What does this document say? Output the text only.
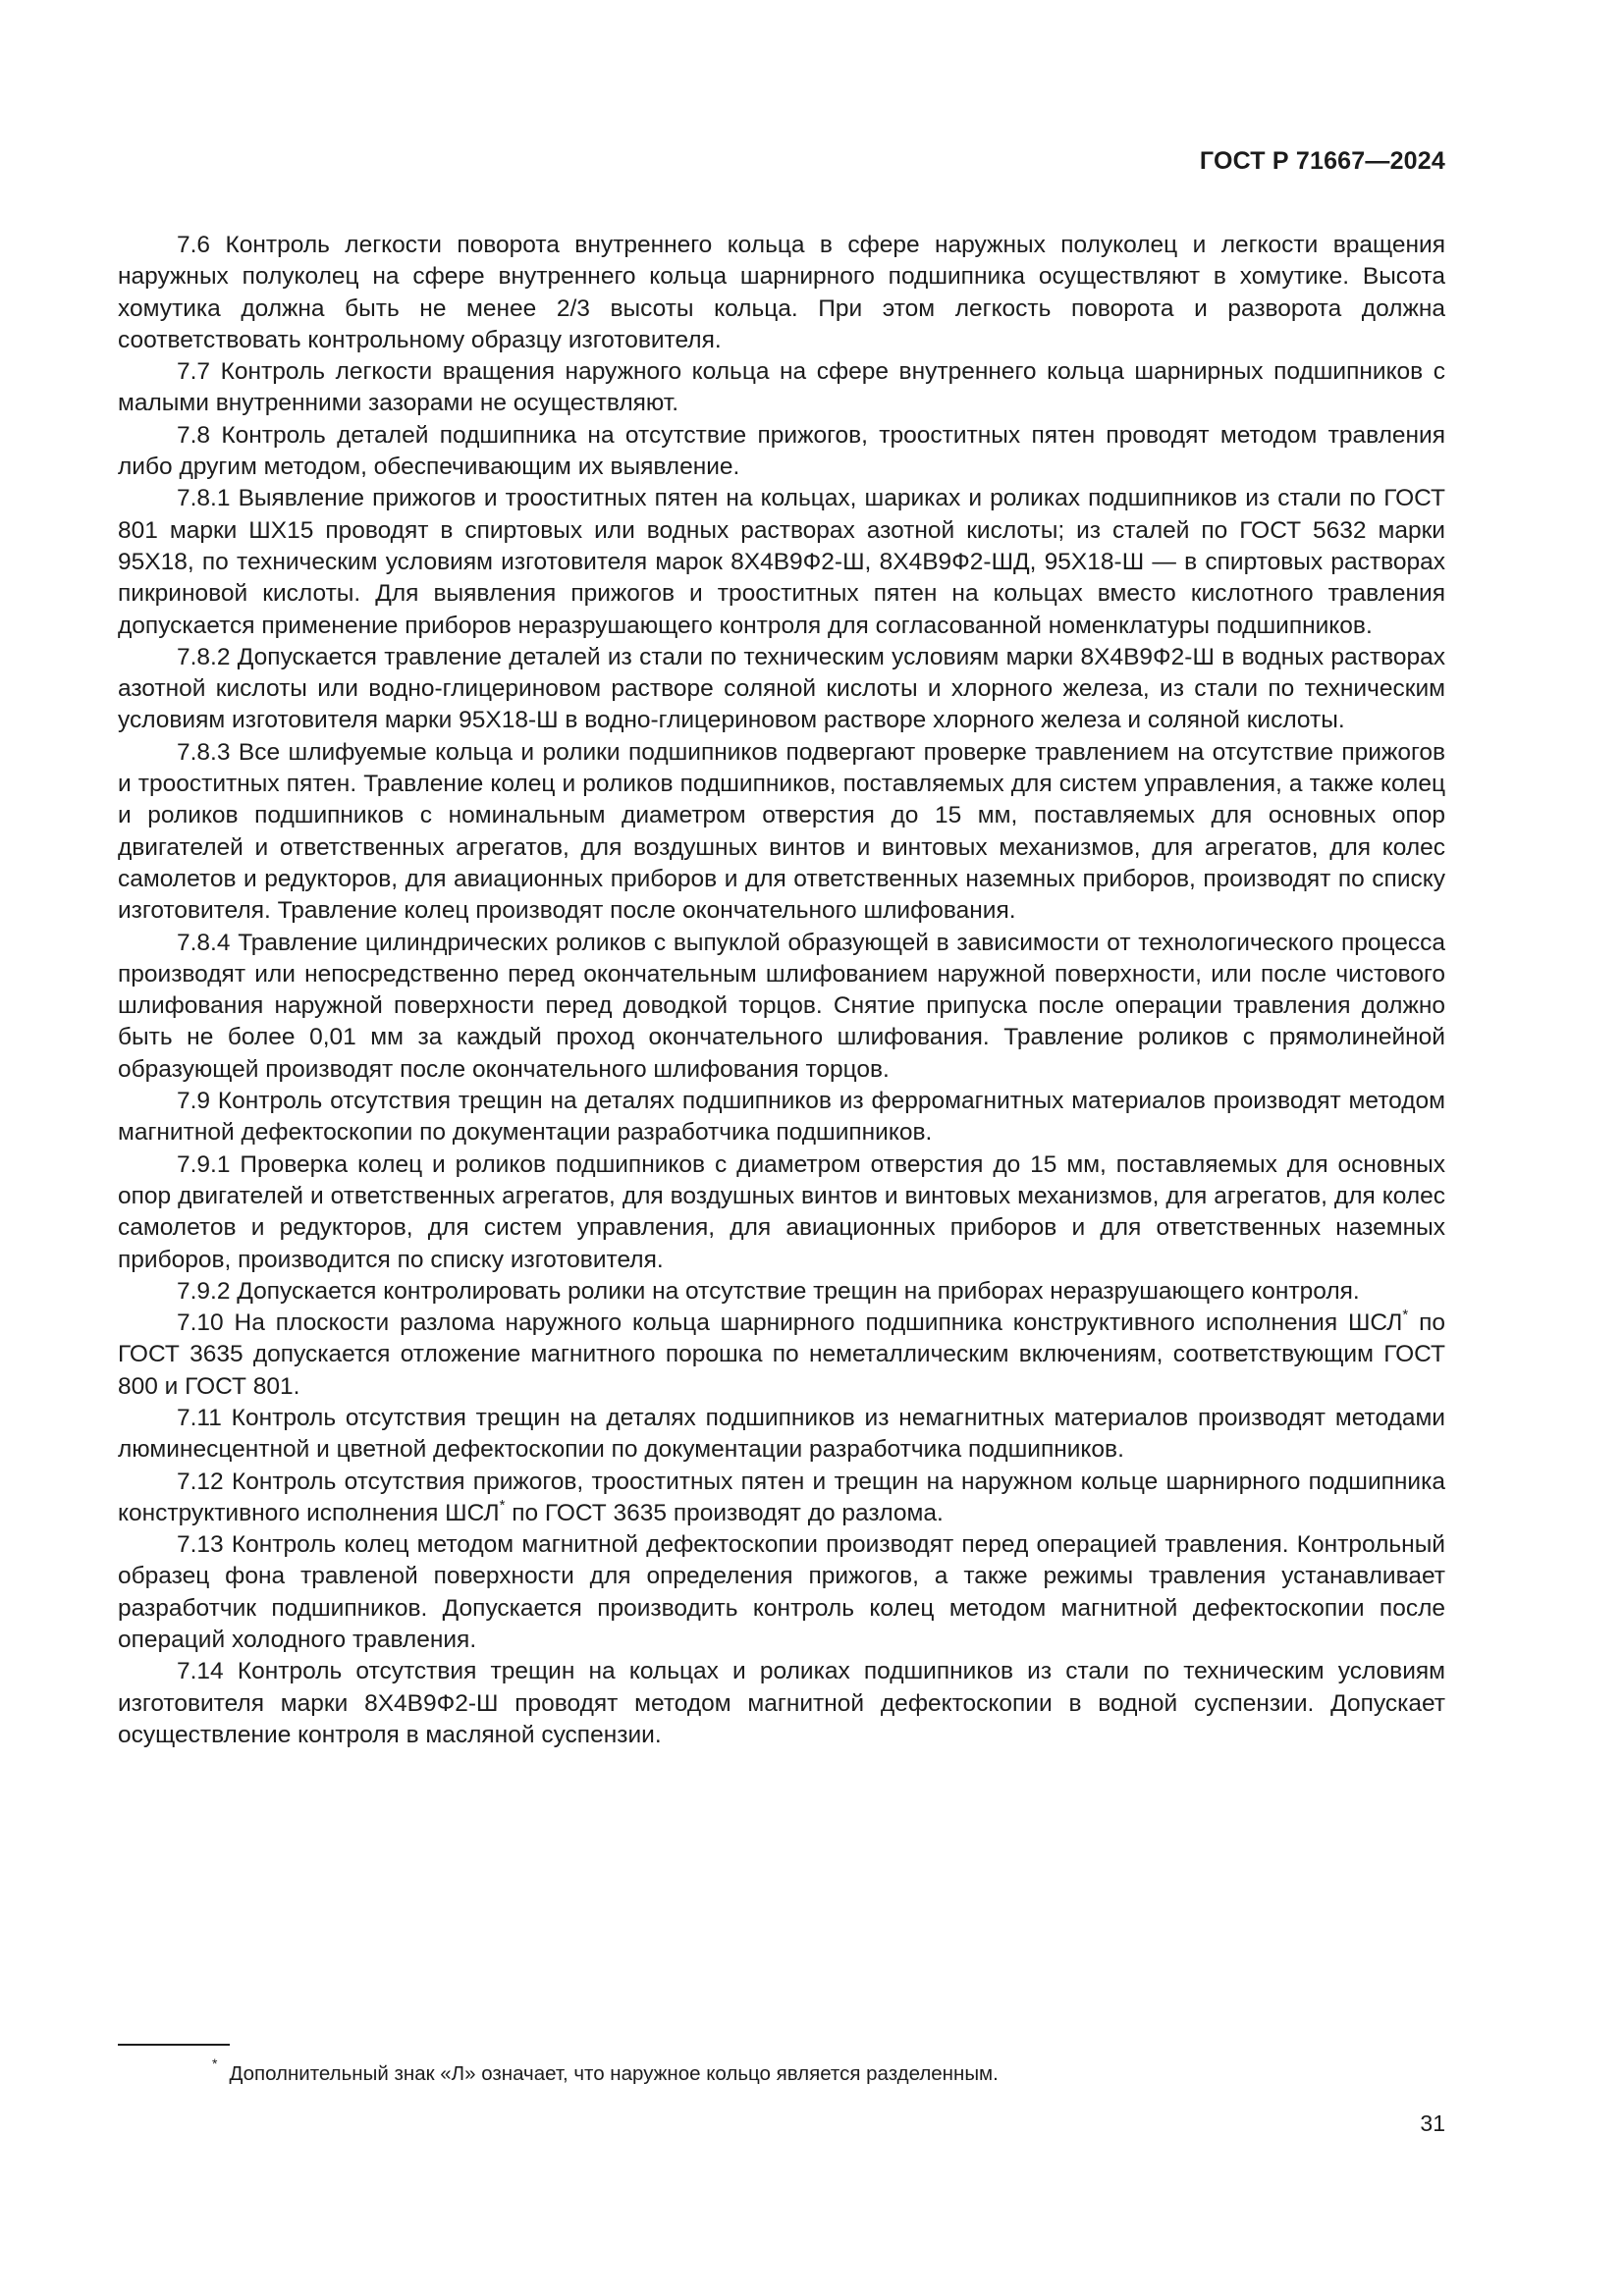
ГОСТ Р 71667—2024

7.6 Контроль легкости поворота внутреннего кольца в сфере наружных полуколец и легкости вращения наружных полуколец на сфере внутреннего кольца шарнирного подшипника осуществляют в хомутике. Высота хомутика должна быть не менее 2/3 высоты кольца. При этом легкость поворота и разворота должна соответствовать контрольному образцу изготовителя.

7.7 Контроль легкости вращения наружного кольца на сфере внутреннего кольца шарнирных подшипников с малыми внутренними зазорами не осуществляют.

7.8 Контроль деталей подшипника на отсутствие прижогов, трооститных пятен проводят методом травления либо другим методом, обеспечивающим их выявление.

7.8.1 Выявление прижогов и трооститных пятен на кольцах, шариках и роликах подшипников из стали по ГОСТ 801 марки ШХ15 проводят в спиртовых или водных растворах азотной кислоты; из сталей по ГОСТ 5632 марки 95Х18, по техническим условиям изготовителя марок 8Х4В9Ф2-Ш, 8Х4В9Ф2-ШД, 95Х18-Ш — в спиртовых растворах пикриновой кислоты. Для выявления прижогов и трооститных пятен на кольцах вместо кислотного травления допускается применение приборов неразрушающего контроля для согласованной номенклатуры подшипников.

7.8.2 Допускается травление деталей из стали по техническим условиям марки 8Х4В9Ф2-Ш в водных растворах азотной кислоты или водно-глицериновом растворе соляной кислоты и хлорного железа, из стали по техническим условиям изготовителя марки 95Х18-Ш в водно-глицериновом растворе хлорного железа и соляной кислоты.

7.8.3 Все шлифуемые кольца и ролики подшипников подвергают проверке травлением на отсутствие прижогов и трооститных пятен. Травление колец и роликов подшипников, поставляемых для систем управления, а также колец и роликов подшипников с номинальным диаметром отверстия до 15 мм, поставляемых для основных опор двигателей и ответственных агрегатов, для воздушных винтов и винтовых механизмов, для агрегатов, для колес самолетов и редукторов, для авиационных приборов и для ответственных наземных приборов, производят по списку изготовителя. Травление колец производят после окончательного шлифования.

7.8.4 Травление цилиндрических роликов с выпуклой образующей в зависимости от технологического процесса производят или непосредственно перед окончательным шлифованием наружной поверхности, или после чистового шлифования наружной поверхности перед доводкой торцов. Снятие припуска после операции травления должно быть не более 0,01 мм за каждый проход окончательного шлифования. Травление роликов с прямолинейной образующей производят после окончательного шлифования торцов.

7.9 Контроль отсутствия трещин на деталях подшипников из ферромагнитных материалов производят методом магнитной дефектоскопии по документации разработчика подшипников.

7.9.1 Проверка колец и роликов подшипников с диаметром отверстия до 15 мм, поставляемых для основных опор двигателей и ответственных агрегатов, для воздушных винтов и винтовых механизмов, для агрегатов, для колес самолетов и редукторов, для систем управления, для авиационных приборов и для ответственных наземных приборов, производится по списку изготовителя.

7.9.2 Допускается контролировать ролики на отсутствие трещин на приборах неразрушающего контроля.

7.10 На плоскости разлома наружного кольца шарнирного подшипника конструктивного исполнения ШСЛ* по ГОСТ 3635 допускается отложение магнитного порошка по неметаллическим включениям, соответствующим ГОСТ 800 и ГОСТ 801.

7.11 Контроль отсутствия трещин на деталях подшипников из немагнитных материалов производят методами люминесцентной и цветной дефектоскопии по документации разработчика подшипников.

7.12 Контроль отсутствия прижогов, трооститных пятен и трещин на наружном кольце шарнирного подшипника конструктивного исполнения ШСЛ* по ГОСТ 3635 производят до разлома.

7.13 Контроль колец методом магнитной дефектоскопии производят перед операцией травления. Контрольный образец фона травленой поверхности для определения прижогов, а также режимы травления устанавливает разработчик подшипников. Допускается производить контроль колец методом магнитной дефектоскопии после операций холодного травления.

7.14 Контроль отсутствия трещин на кольцах и роликах подшипников из стали по техническим условиям изготовителя марки 8Х4В9Ф2-Ш проводят методом магнитной дефектоскопии в водной суспензии. Допускает осуществление контроля в масляной суспензии.

* Дополнительный знак «Л» означает, что наружное кольцо является разделенным.
31
